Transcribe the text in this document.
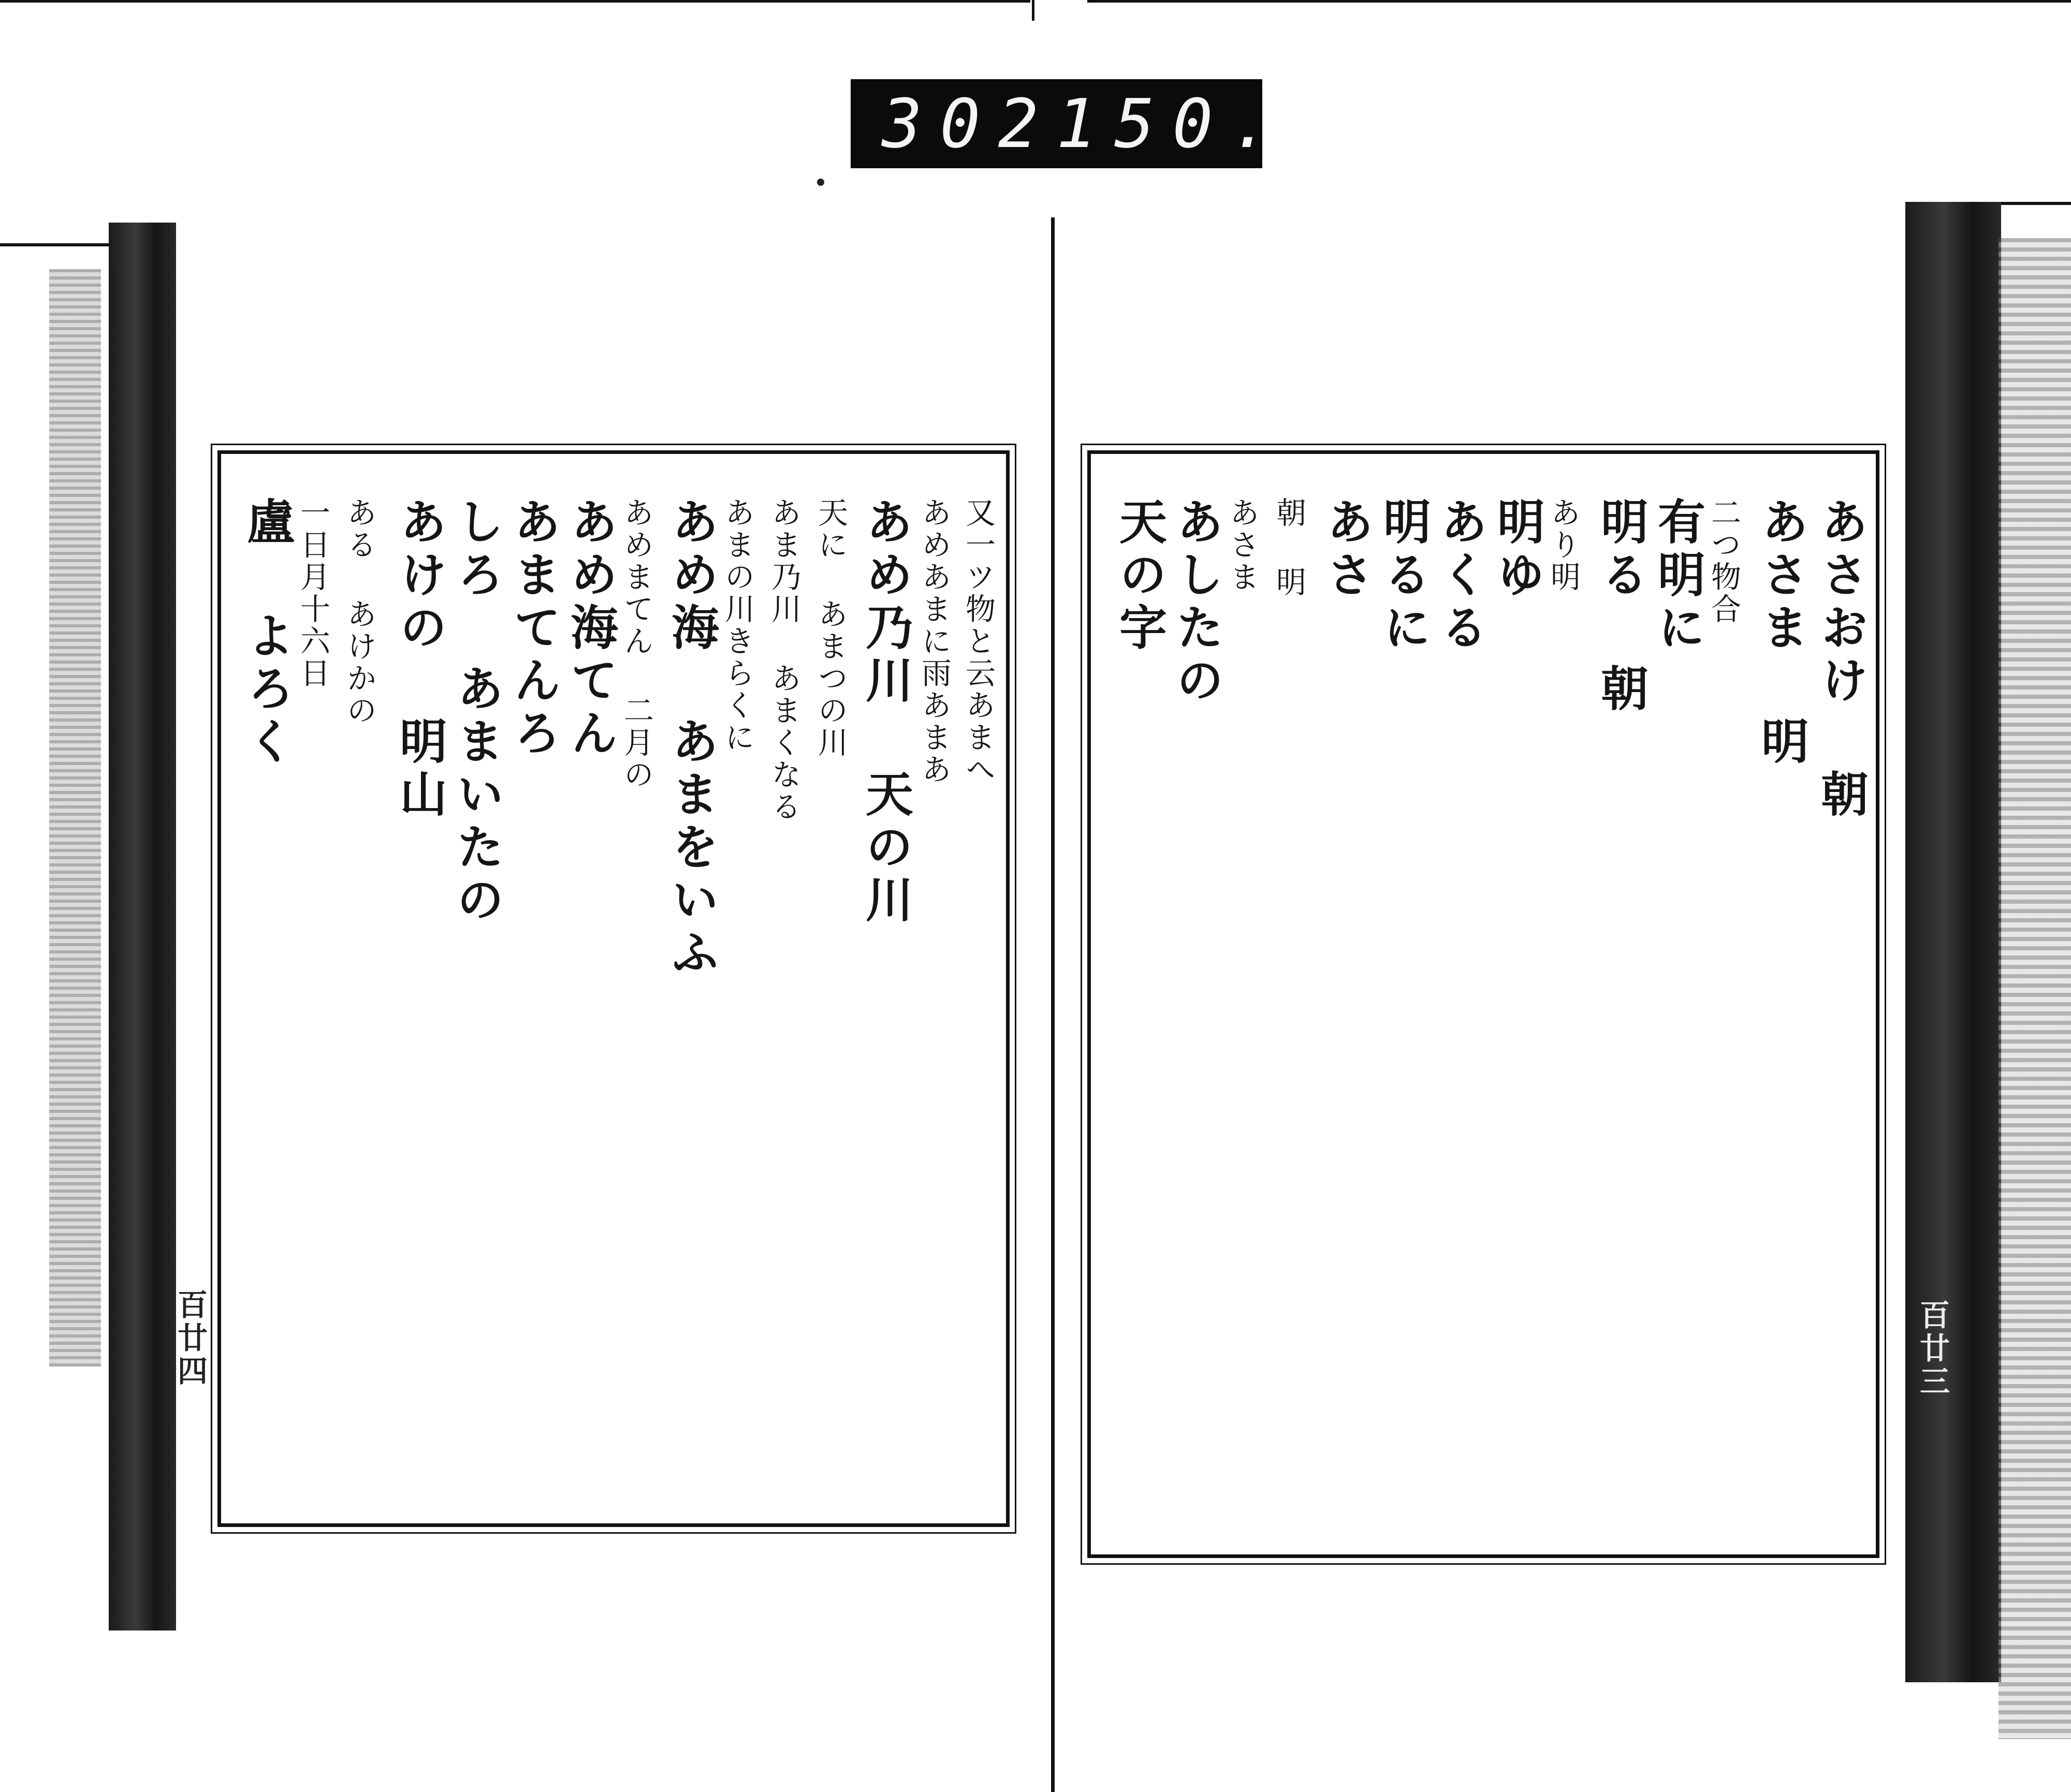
302 150.
又一ツ物と云あまへ
あめあまに雨あまあ
あめ乃川 天の川
天に あまつの川
あま乃川 あまくなる
あまの川きらくに
あめ海 あまをいふ
あめまてん 二月の
あめ海てん
あまてんろ
しろ あまいたの
あけの 明山
ある あけかの
一日月十六日
盧 よろく	あさおけ 朝
あさま 明
二つ物合
有明に
明る 朝
あり明
明ゆ
あくる
明るに
あさ
朝 明
あさま
あしたの
天の字
百廿四	百廿三
